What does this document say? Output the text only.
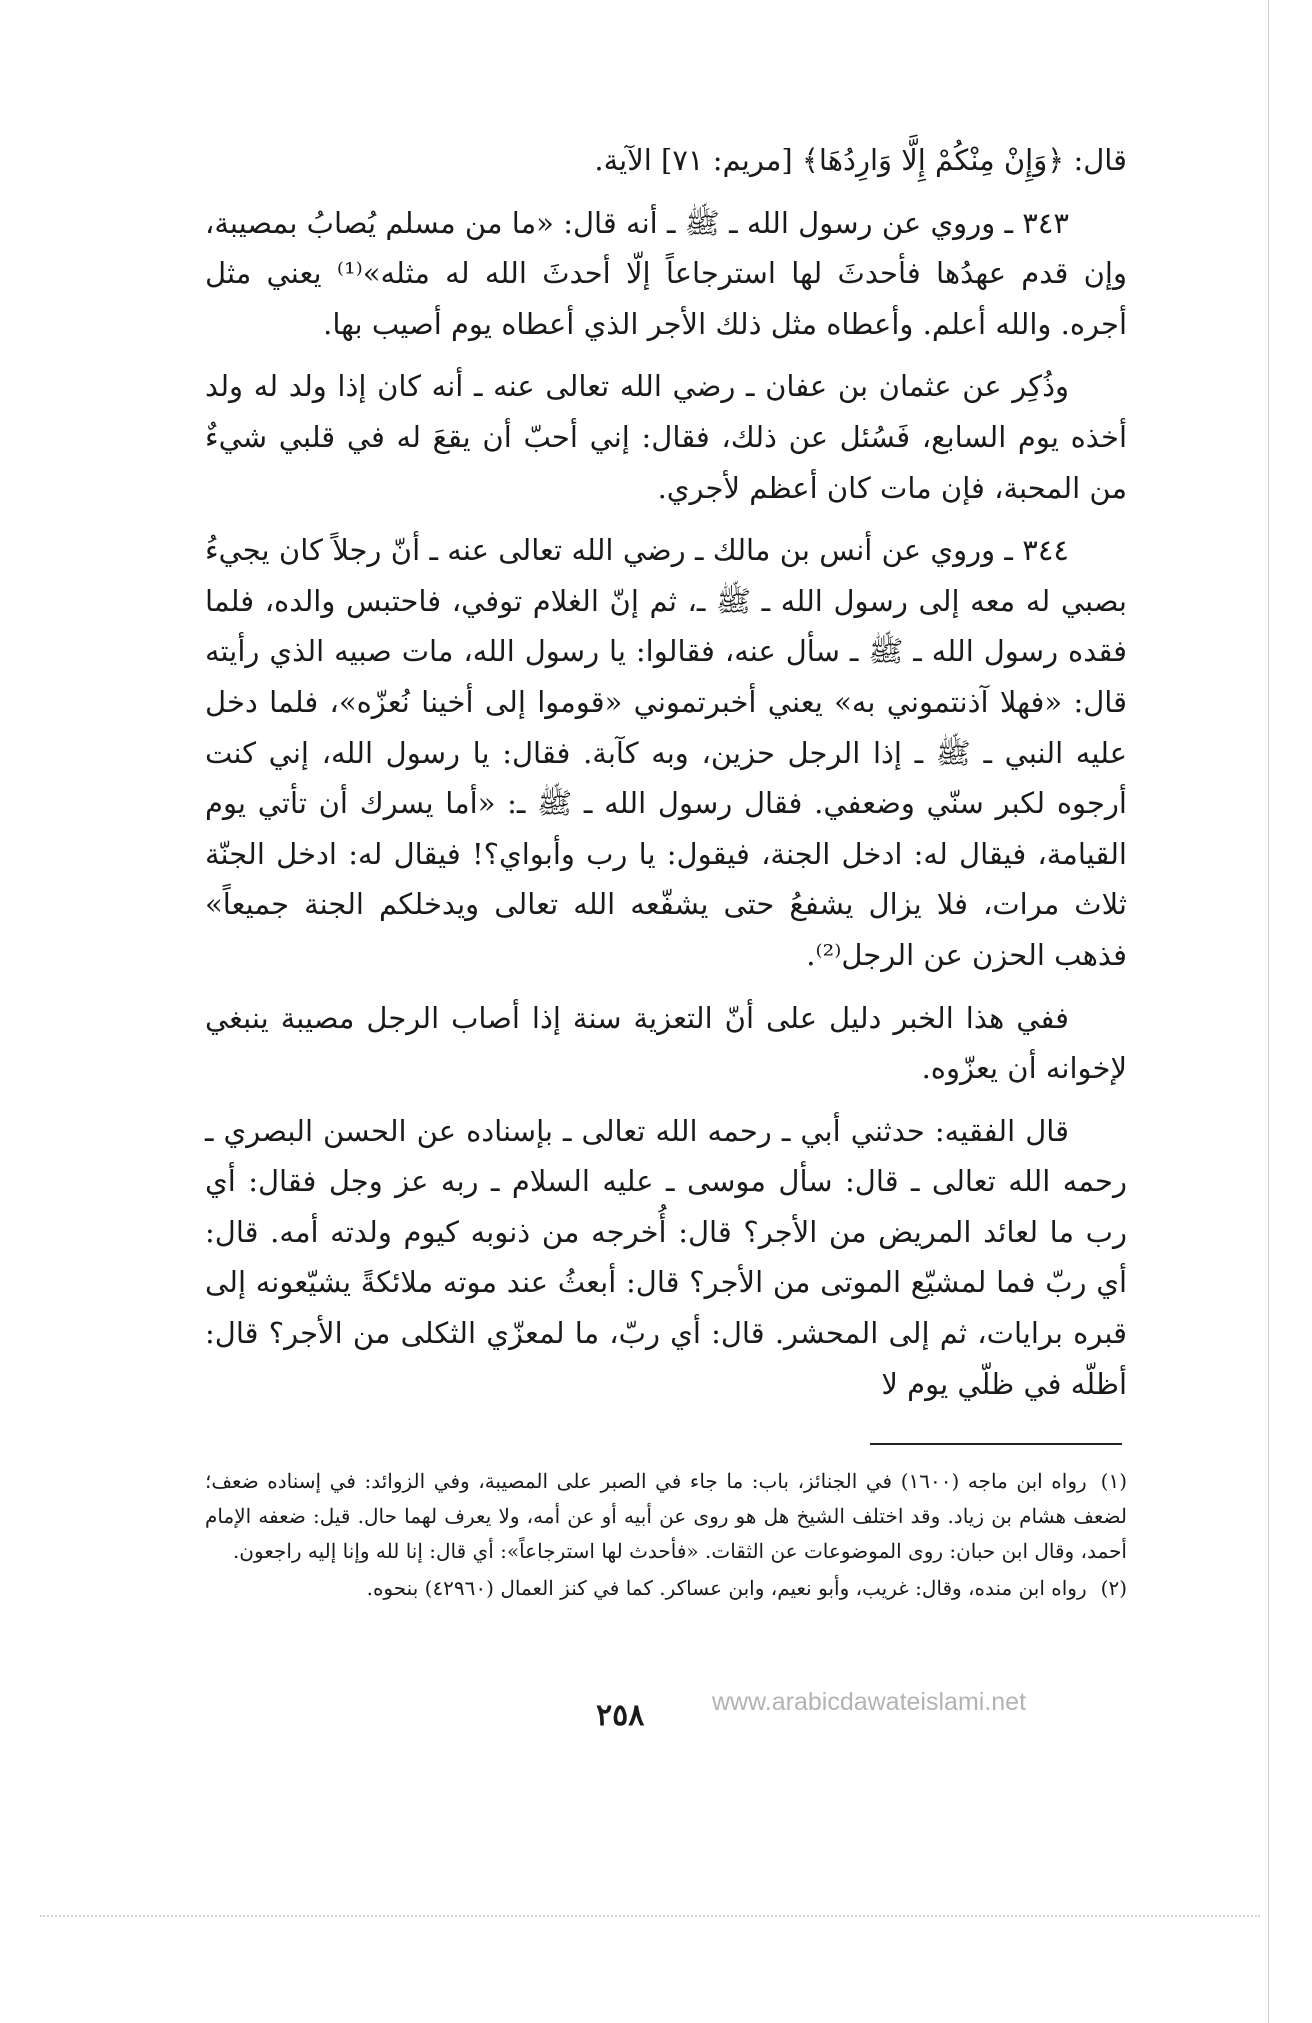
قال: ﴿وَإِنْ مِنْكُمْ إِلَّا وَارِدُهَا﴾ [مريم: ٧١] الآية.

٣٤٣ ـ وروي عن رسول الله ـ ﷺ ـ أنه قال: «ما من مسلم يُصابُ بمصيبة، وإن قدم عهدُها فأحدثَ لها استرجاعاً إلّا أحدثَ الله له مثله»⁽¹⁾ يعني مثل أجره. والله أعلم. وأعطاه مثل ذلك الأجر الذي أعطاه يوم أصيب بها.

وذُكِر عن عثمان بن عفان ـ رضي الله تعالى عنه ـ أنه كان إذا ولد له ولد أخذه يوم السابع، فَسُئل عن ذلك، فقال: إني أحبّ أن يقعَ له في قلبي شيءٌ من المحبة، فإن مات كان أعظم لأجري.

٣٤٤ ـ وروي عن أنس بن مالك ـ رضي الله تعالى عنه ـ أنّ رجلاً كان يجيءُ بصبي له معه إلى رسول الله ـ ﷺ ـ، ثم إنّ الغلام توفي، فاحتبس والده، فلما فقده رسول الله ـ ﷺ ـ سأل عنه، فقالوا: يا رسول الله، مات صبيه الذي رأيته قال: «فهلا آذنتموني به» يعني أخبرتموني «قوموا إلى أخينا نُعزّه»، فلما دخل عليه النبي ـ ﷺ ـ إذا الرجل حزين، وبه كآبة. فقال: يا رسول الله، إني كنت أرجوه لكبر سنّي وضعفي. فقال رسول الله ـ ﷺ ـ: «أما يسرك أن تأتي يوم القيامة، فيقال له: ادخل الجنة، فيقول: يا رب وأبواي؟! فيقال له: ادخل الجنّة ثلاث مرات، فلا يزال يشفعُ حتى يشفّعه الله تعالى ويدخلكم الجنة جميعاً» فذهب الحزن عن الرجل⁽²⁾.

ففي هذا الخبر دليل على أنّ التعزية سنة إذا أصاب الرجل مصيبة ينبغي لإخوانه أن يعزّوه.

قال الفقيه: حدثني أبي ـ رحمه الله تعالى ـ بإسناده عن الحسن البصري ـ رحمه الله تعالى ـ قال: سأل موسى ـ عليه السلام ـ ربه عز وجل فقال: أي رب ما لعائد المريض من الأجر؟ قال: أُخرجه من ذنوبه كيوم ولدته أمه. قال: أي ربّ فما لمشيّع الموتى من الأجر؟ قال: أبعثُ عند موته ملائكةً يشيّعونه إلى قبره برايات، ثم إلى المحشر. قال: أي ربّ، ما لمعزّي الثكلى من الأجر؟ قال: أظلّه في ظلّي يوم لا

(١)رواه ابن ماجه (١٦٠٠) في الجنائز، باب: ما جاء في الصبر على المصيبة، وفي الزوائد: في إسناده ضعف؛ لضعف هشام بن زياد. وقد اختلف الشيخ هل هو روى عن أبيه أو عن أمه، ولا يعرف لهما حال. قيل: ضعفه الإمام أحمد، وقال ابن حبان: روى الموضوعات عن الثقات. «فأحدث لها استرجاعاً»: أي قال: إنا لله وإنا إليه راجعون.

(٢)رواه ابن منده، وقال: غريب، وأبو نعيم، وابن عساكر. كما في كنز العمال (٤٢٩٦٠) بنحوه.

٢٥٨	www.arabicdawateislami.net
